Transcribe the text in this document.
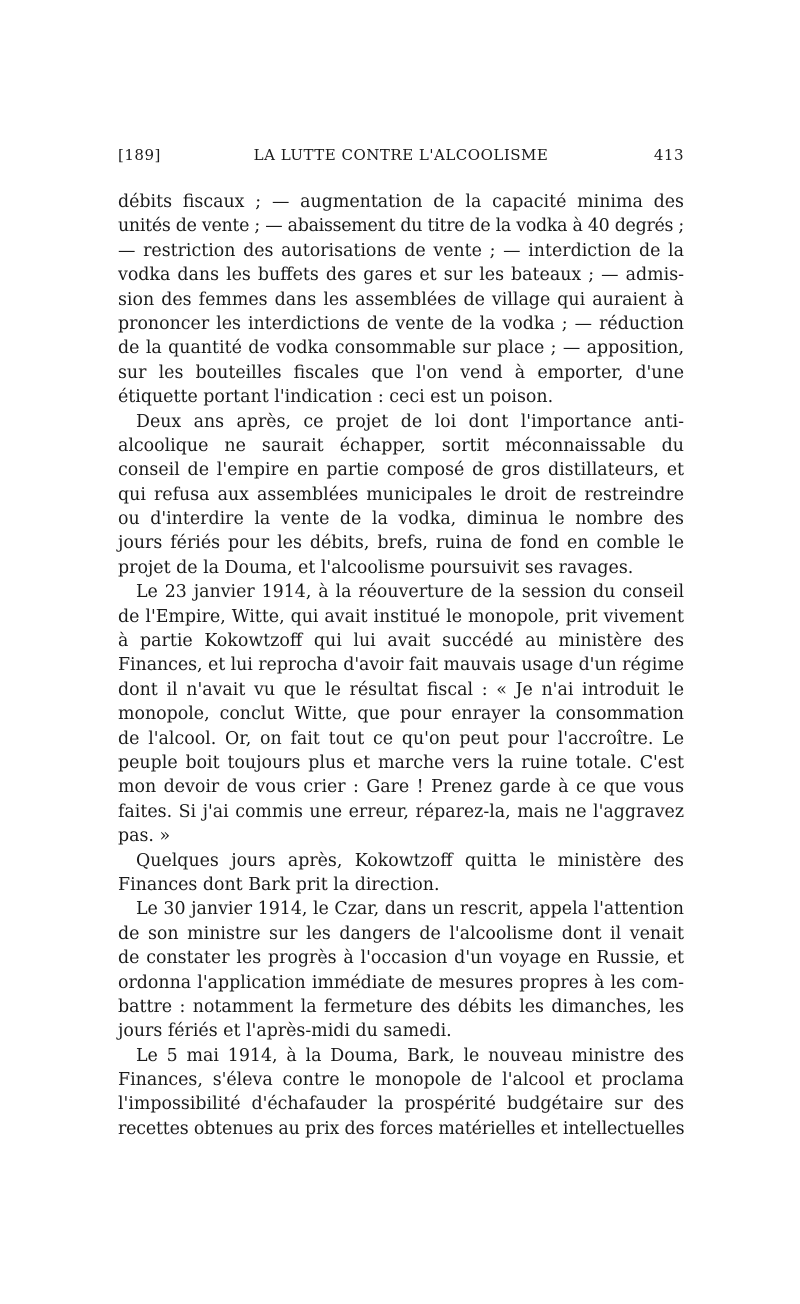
[189]	LA LUTTE CONTRE L'ALCOOLISME	413
débits fiscaux ; — augmentation de la capacité minima des
unités de vente ; — abaissement du titre de la vodka à 40 degrés ;
— restriction des autorisations de vente ; — interdiction de la
vodka dans les buffets des gares et sur les bateaux ; — admis-
sion des femmes dans les assemblées de village qui auraient à
prononcer les interdictions de vente de la vodka ; — réduction
de la quantité de vodka consommable sur place ; — apposition,
sur les bouteilles fiscales que l'on vend à emporter, d'une
étiquette portant l'indication : ceci est un poison.
Deux ans après, ce projet de loi dont l'importance anti-
alcoolique ne saurait échapper, sortit méconnaissable du
conseil de l'empire en partie composé de gros distillateurs, et
qui refusa aux assemblées municipales le droit de restreindre
ou d'interdire la vente de la vodka, diminua le nombre des
jours fériés pour les débits, brefs, ruina de fond en comble le
projet de la Douma, et l'alcoolisme poursuivit ses ravages.
Le 23 janvier 1914, à la réouverture de la session du conseil
de l'Empire, Witte, qui avait institué le monopole, prit vivement
à partie Kokowtzoff qui lui avait succédé au ministère des
Finances, et lui reprocha d'avoir fait mauvais usage d'un régime
dont il n'avait vu que le résultat fiscal : « Je n'ai introduit le
monopole, conclut Witte, que pour enrayer la consommation
de l'alcool. Or, on fait tout ce qu'on peut pour l'accroître. Le
peuple boit toujours plus et marche vers la ruine totale. C'est
mon devoir de vous crier : Gare ! Prenez garde à ce que vous
faites. Si j'ai commis une erreur, réparez-la, mais ne l'aggravez
pas. »
Quelques jours après, Kokowtzoff quitta le ministère des
Finances dont Bark prit la direction.
Le 30 janvier 1914, le Czar, dans un rescrit, appela l'attention
de son ministre sur les dangers de l'alcoolisme dont il venait
de constater les progrès à l'occasion d'un voyage en Russie, et
ordonna l'application immédiate de mesures propres à les com-
battre : notamment la fermeture des débits les dimanches, les
jours fériés et l'après-midi du samedi.
Le 5 mai 1914, à la Douma, Bark, le nouveau ministre des
Finances, s'éleva contre le monopole de l'alcool et proclama
l'impossibilité d'échafauder la prospérité budgétaire sur des
recettes obtenues au prix des forces matérielles et intellectuelles
